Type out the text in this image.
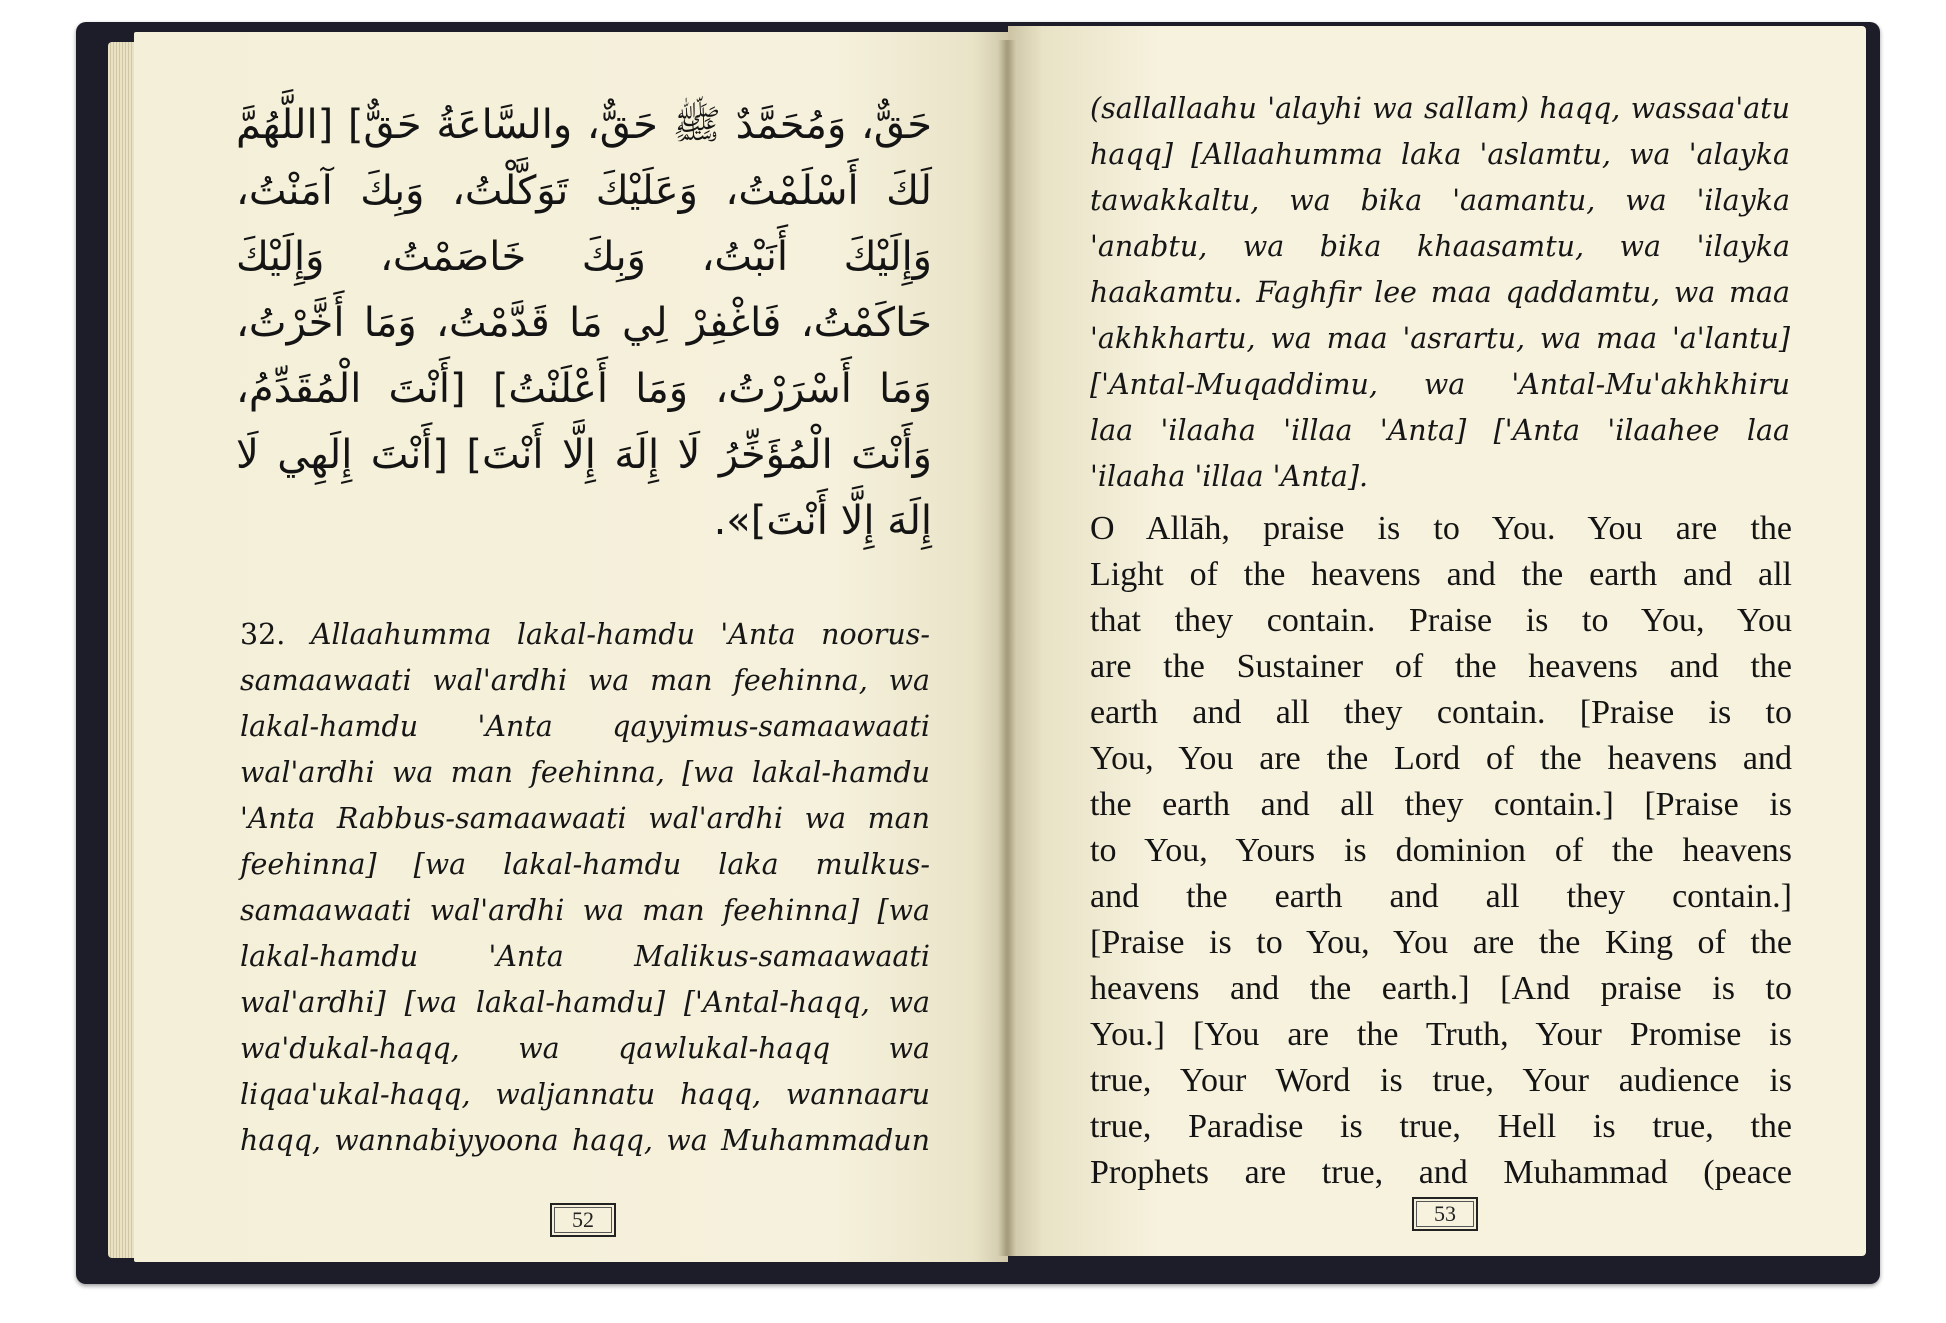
حَقٌّ، وَمُحَمَّدٌ ﷺ حَقٌّ، والسَّاعَةُ حَقٌّ] [اللَّهُمَّ
لَكَ أَسْلَمْتُ، وَعَلَيْكَ تَوَكَّلْتُ، وَبِكَ آمَنْتُ،
وَإِلَيْكَ أَنَبْتُ، وَبِكَ خَاصَمْتُ، وَإِلَيْكَ
حَاكَمْتُ، فَاغْفِرْ لِي مَا قَدَّمْتُ، وَمَا أَخَّرْتُ،
وَمَا أَسْرَرْتُ، وَمَا أَعْلَنْتُ] [أَنْتَ الْمُقَدِّمُ،
وَأَنْتَ الْمُؤَخِّرُ لَا إِلَهَ إِلَّا أَنْتَ] [أَنْتَ إِلَهِي لَا
إِلَهَ إِلَّا أَنْتَ]».
32. Allaahumma lakal-hamdu 'Anta noorus-
samaawaati wal'ardhi wa man feehinna, wa
lakal-hamdu 'Anta qayyimus-samaawaati
wal'ardhi wa man feehinna, [wa lakal-hamdu
'Anta Rabbus-samaawaati wal'ardhi wa man
feehinna] [wa lakal-hamdu laka mulkus-
samaawaati wal'ardhi wa man feehinna] [wa
lakal-hamdu 'Anta Malikus-samaawaati
wal'ardhi] [wa lakal-hamdu] ['Antal-haqq, wa
wa'dukal-haqq, wa qawlukal-haqq wa
liqaa'ukal-haqq, waljannatu haqq, wannaaru
haqq, wannabiyyoona haqq, wa Muhammadun
52
(sallallaahu 'alayhi wa sallam) haqq, wassaa'atu
haqq] [Allaahumma laka 'aslamtu, wa 'alayka
tawakkaltu, wa bika 'aamantu, wa 'ilayka
'anabtu, wa bika khaasamtu, wa 'ilayka
haakamtu. Faghfir lee maa qaddamtu, wa maa
'akhkhartu, wa maa 'asrartu, wa maa 'a'lantu]
['Antal-Muqaddimu, wa 'Antal-Mu'akhkhiru
laa 'ilaaha 'illaa 'Anta] ['Anta 'ilaahee laa
'ilaaha 'illaa 'Anta].
O Allāh, praise is to You. You are the
Light of the heavens and the earth and all
that they contain. Praise is to You, You
are the Sustainer of the heavens and the
earth and all they contain. [Praise is to
You, You are the Lord of the heavens and
the earth and all they contain.] [Praise is
to You, Yours is dominion of the heavens
and the earth and all they contain.]
[Praise is to You, You are the King of the
heavens and the earth.] [And praise is to
You.] [You are the Truth, Your Promise is
true, Your Word is true, Your audience is
true, Paradise is true, Hell is true, the
Prophets are true, and Muhammad (peace
53
